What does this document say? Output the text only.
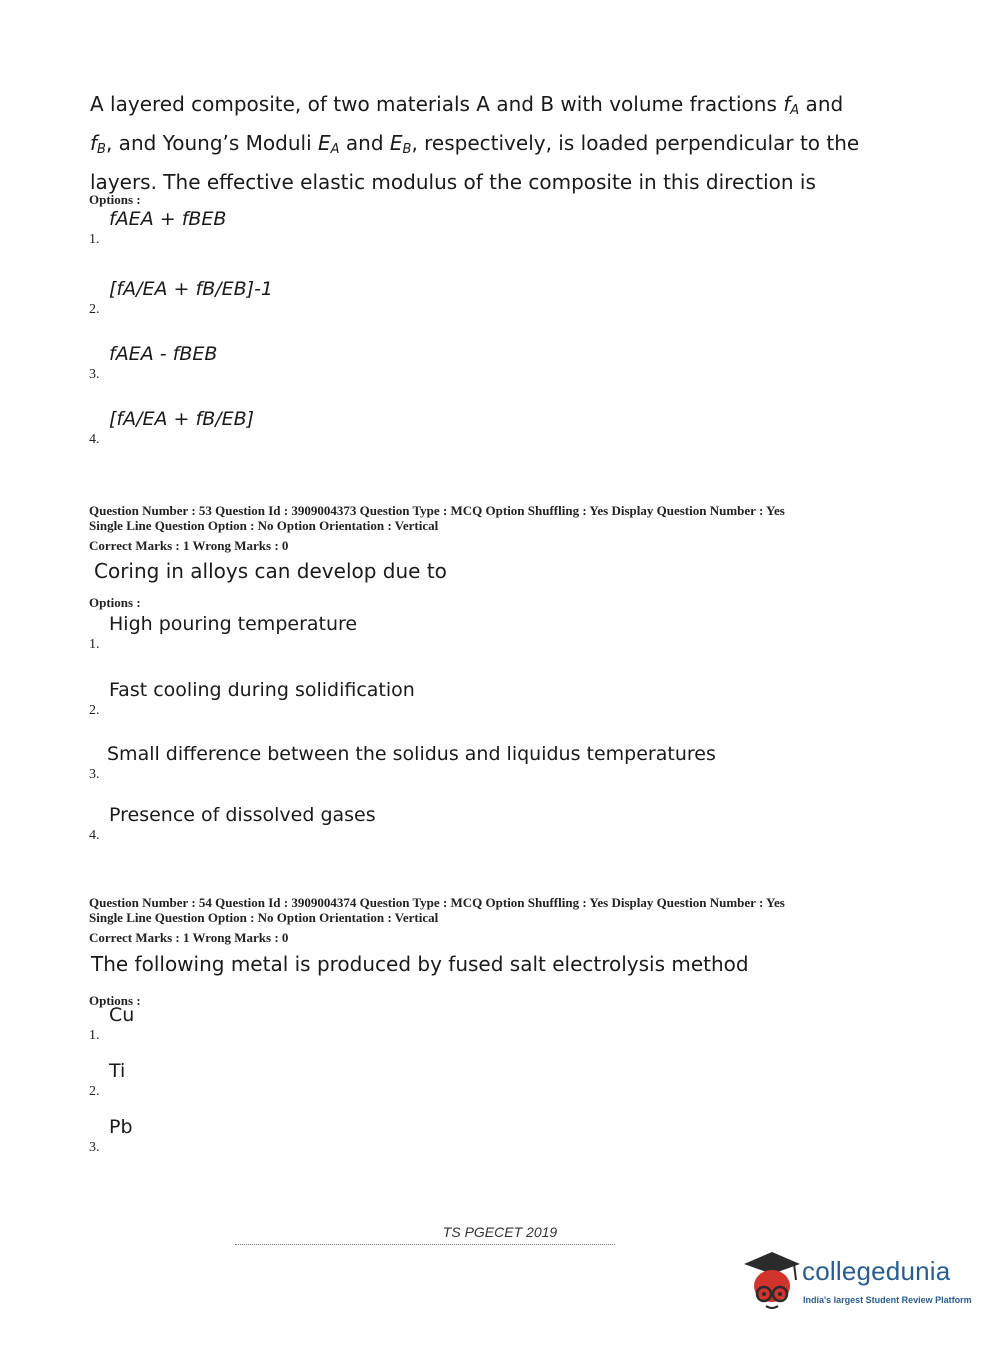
A layered composite, of two materials A and B with volume fractions $f_A$ and $f_B$, and Young’s Moduli $E_A$ and $E_B$, respectively, is loaded perpendicular to the layers. The effective elastic modulus of the composite in this direction is

Options :
1.
fAEA + fBEB
2.
[fA/EA + fB/EB]-1
3.
fAEA - fBEB
4.
[fA/EA + fB/EB]
Question Number : 53 Question Id : 3909004373 Question Type : MCQ Option Shuffling : Yes Display Question Number : Yes
Single Line Question Option : No Option Orientation : Vertical
Correct Marks : 1 Wrong Marks : 0

Coring in alloys can develop due to

Options :
1.
High pouring temperature
2.
Fast cooling during solidification
3.
Small difference between the solidus and liquidus temperatures
4.
Presence of dissolved gases
Question Number : 54 Question Id : 3909004374 Question Type : MCQ Option Shuffling : Yes Display Question Number : Yes
Single Line Question Option : No Option Orientation : Vertical
Correct Marks : 1 Wrong Marks : 0

The following metal is produced by fused salt electrolysis method

Options :
1.
Cu
2.
Ti
3.
Pb
TS PGECET 2019
collegedunia
India's largest Student Review Platform
